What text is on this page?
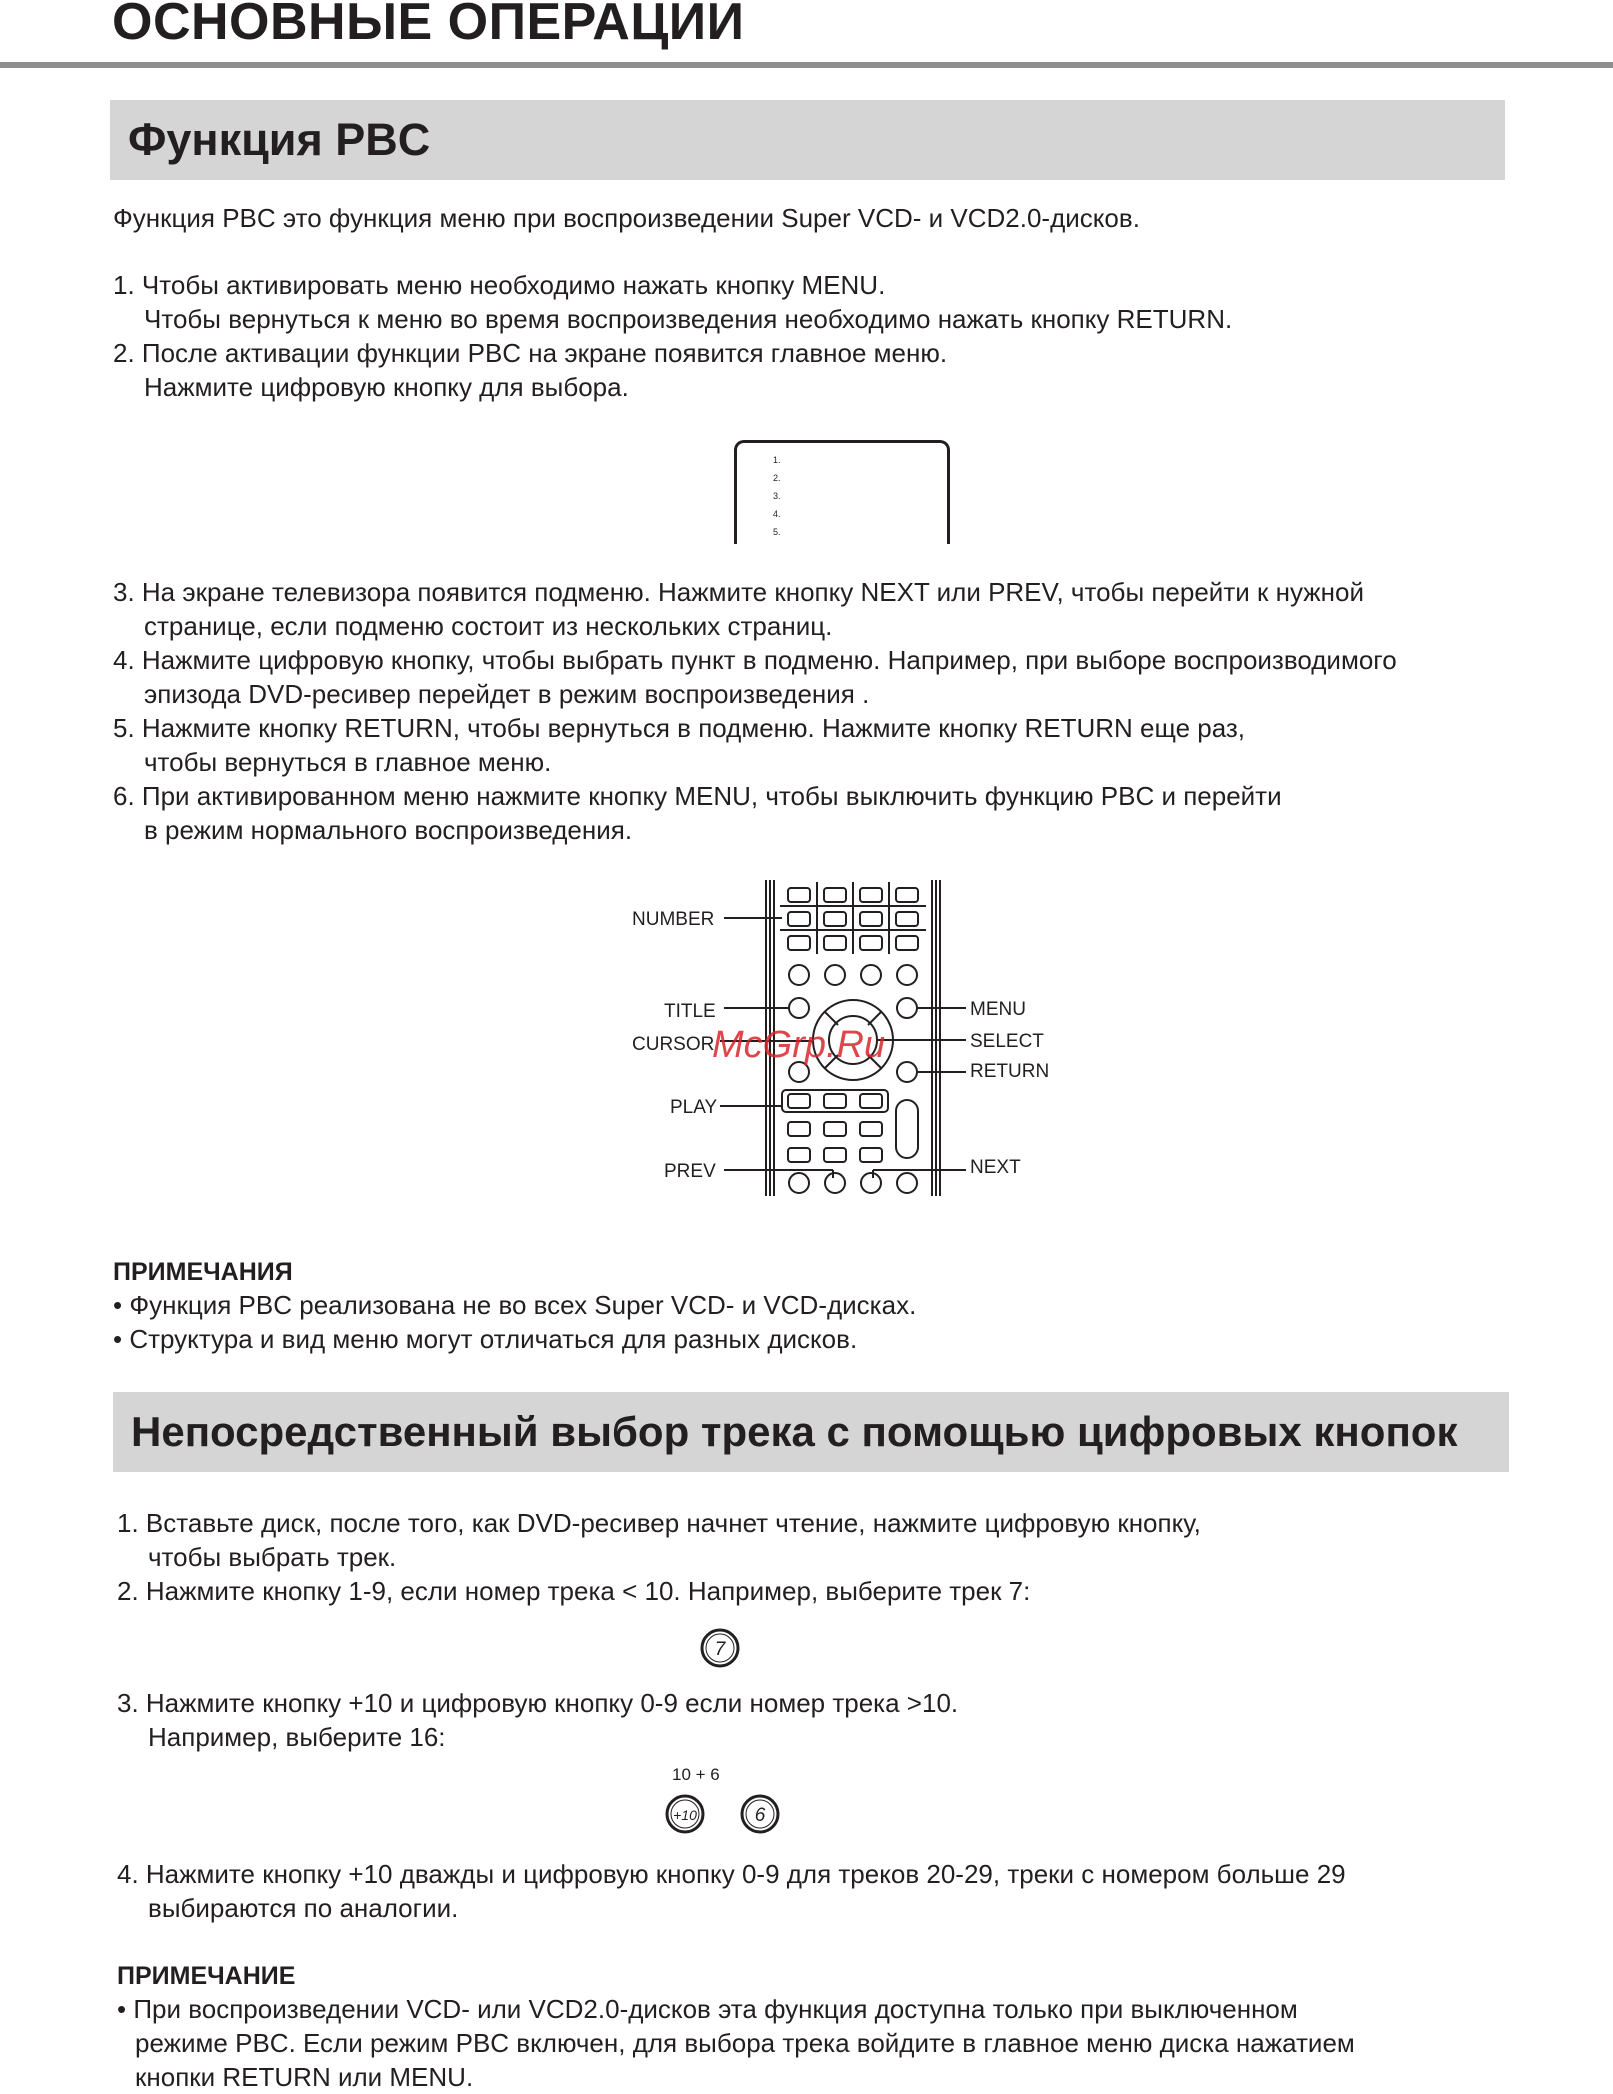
ОСНОВНЫЕ ОПЕРАЦИИ
Функция PBC

Функция PBC это функция меню при воспроизведении Super VCD- и VCD2.0-дисков.

1. Чтобы активировать меню необходимо нажать кнопку MENU.
Чтобы вернуться к меню во время воспроизведения необходимо нажать кнопку RETURN.
2. После активации функции PBC на экране появится главное меню.
Нажмите цифровую кнопку для выбора.
1.
2.
3.
4.
5.
3. На экране телевизора появится подменю. Нажмите кнопку NEXT или PREV, чтобы перейти к нужной
странице, если подменю состоит из нескольких страниц.
4. Нажмите цифровую кнопку, чтобы выбрать пункт в подменю. Например, при выборе воспроизводимого
эпизода DVD-ресивер перейдет в режим воспроизведения .
5. Нажмите кнопку RETURN, чтобы вернуться в подменю. Нажмите кнопку RETURN еще раз,
чтобы вернуться в главное меню.
6. При активированном меню нажмите кнопку MENU, чтобы выключить функцию PBC и перейти
в режим нормального воспроизведения.
NUMBER
TITLE
CURSOR
PLAY
PREV
MENU
SELECT
RETURN
NEXT
McGrp.Ru

ПРИМЕЧАНИЯ

• Функция PBC реализована не во всех Super VCD- и VCD-дисках.
• Структура и вид меню могут отличаться для разных дисков.
Непосредственный выбор трека с помощью цифровых кнопок
1. Вставьте диск, после того, как DVD-ресивер начнет чтение, нажмите цифровую кнопку,
чтобы выбрать трек.
2. Нажмите кнопку 1-9, если номер трека < 10. Например, выберите трек 7:
7
3. Нажмите кнопку +10 и цифровую кнопку 0-9 если номер трека >10.
Например, выберите 16:
10 + 6
+10	6
4. Нажмите кнопку +10 дважды и цифровую кнопку 0-9 для треков 20-29, треки с номером больше 29
выбираются по аналогии.

ПРИМЕЧАНИЕ

• При воспроизведении VCD- или VCD2.0-дисков эта функция доступна только при выключенном
режиме PBC. Если режим PBC включен, для выбора трека войдите в главное меню диска нажатием
кнопки RETURN или MENU.
